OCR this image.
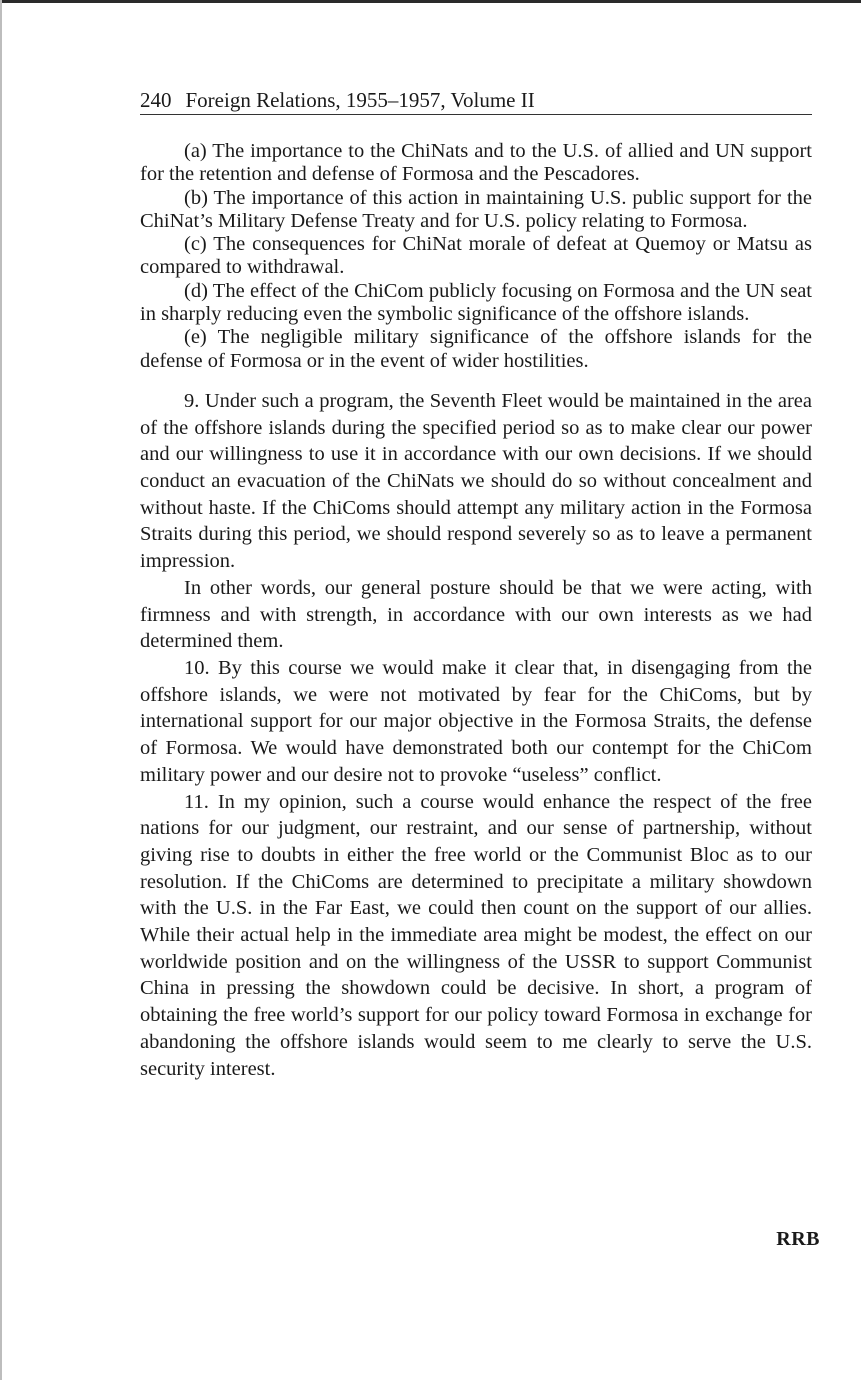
240 Foreign Relations, 1955–1957, Volume II

(a) The importance to the ChiNats and to the U.S. of allied and UN support for the retention and defense of Formosa and the Pescadores.

(b) The importance of this action in maintaining U.S. public support for the ChiNat’s Military Defense Treaty and for U.S. policy relating to Formosa.

(c) The consequences for ChiNat morale of defeat at Quemoy or Matsu as compared to withdrawal.

(d) The effect of the ChiCom publicly focusing on Formosa and the UN seat in sharply reducing even the symbolic significance of the offshore islands.

(e) The negligible military significance of the offshore islands for the defense of Formosa or in the event of wider hostilities.

9. Under such a program, the Seventh Fleet would be maintained in the area of the offshore islands during the specified period so as to make clear our power and our willingness to use it in accordance with our own decisions. If we should conduct an evacuation of the ChiNats we should do so without concealment and without haste. If the ChiComs should attempt any military action in the Formosa Straits during this period, we should respond severely so as to leave a permanent impression.

In other words, our general posture should be that we were acting, with firmness and with strength, in accordance with our own interests as we had determined them.

10. By this course we would make it clear that, in disengaging from the offshore islands, we were not motivated by fear for the ChiComs, but by international support for our major objective in the Formosa Straits, the defense of Formosa. We would have demonstrated both our contempt for the ChiCom military power and our desire not to provoke “useless” conflict.

11. In my opinion, such a course would enhance the respect of the free nations for our judgment, our restraint, and our sense of partnership, without giving rise to doubts in either the free world or the Communist Bloc as to our resolution. If the ChiComs are determined to precipitate a military showdown with the U.S. in the Far East, we could then count on the support of our allies. While their actual help in the immediate area might be modest, the effect on our worldwide position and on the willingness of the USSR to support Communist China in pressing the showdown could be decisive. In short, a program of obtaining the free world’s support for our policy toward Formosa in exchange for abandoning the offshore islands would seem to me clearly to serve the U.S. security interest.

RRB
